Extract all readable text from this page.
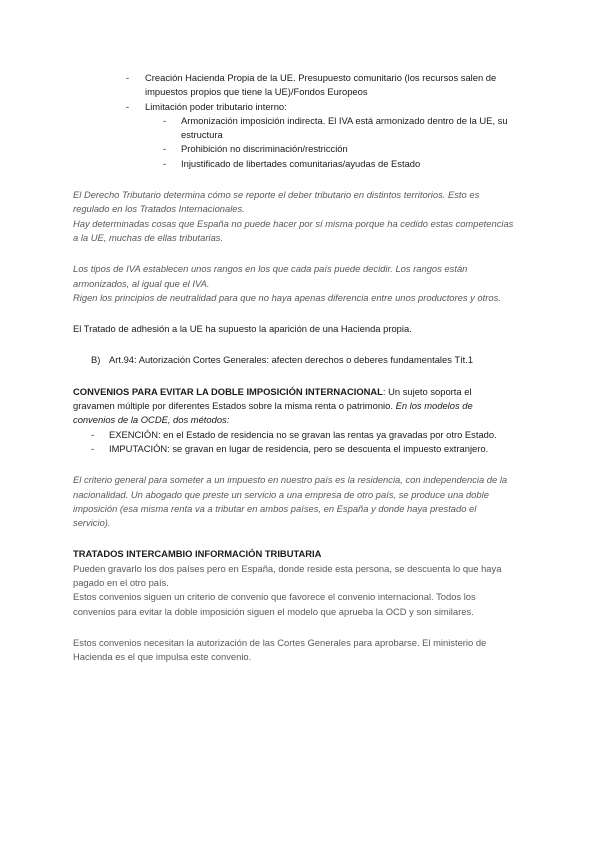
- Creación Hacienda Propia de la UE. Presupuesto comunitario (los recursos salen de impuestos propios que tiene la UE)/Fondos Europeos

- Limitación poder tributario interno:

- Armonización imposición indirecta. El IVA está armonizado dentro de la UE, su estructura

- Prohibición no discriminación/restricción

- Injustificado de libertades comunitarias/ayudas de Estado

El Derecho Tributario determina cómo se reporte el deber tributario en distintos territorios. Esto es regulado en los Tratados Internacionales.

Hay determinadas cosas que España no puede hacer por sí misma porque ha cedido estas competencias a la UE, muchas de ellas tributarias.

Los tipos de IVA establecen unos rangos en los que cada país puede decidir. Los rangos están armonizados, al igual que el IVA.

Rigen los principios de neutralidad para que no haya apenas diferencia entre unos productores y otros.

El Tratado de adhesión a la UE ha supuesto la aparición de una Hacienda propia.

B) Art.94: Autorización Cortes Generales: afecten derechos o deberes fundamentales Tít.1

CONVENIOS PARA EVITAR LA DOBLE IMPOSICIÓN INTERNACIONAL: Un sujeto soporta el gravamen múltiple por diferentes Estados sobre la misma renta o patrimonio. En los modelos de convenios de la OCDE, dos métodos:

- EXENCIÓN: en el Estado de residencia no se gravan las rentas ya gravadas por otro Estado.

- IMPUTACIÓN: se gravan en lugar de residencia, pero se descuenta el impuesto extranjero.

El criterio general para someter a un impuesto en nuestro país es la residencia, con independencia de la nacionalidad. Un abogado que preste un servicio a una empresa de otro país, se produce una doble imposición (esa misma renta va a tributar en ambos países, en España y donde haya prestado el servicio).

TRATADOS INTERCAMBIO INFORMACIÓN TRIBUTARIA

Pueden gravarlo los dos países pero en España, donde reside esta persona, se descuenta lo que haya pagado en el otro país.

Estos convenios siguen un criterio de convenio que favorece el convenio internacional. Todos los convenios para evitar la doble imposición siguen el modelo que aprueba la OCD y son similares.

Estos convenios necesitan la autorización de las Cortes Generales para aprobarse. El ministerio de Hacienda es el que impulsa este convenio.
